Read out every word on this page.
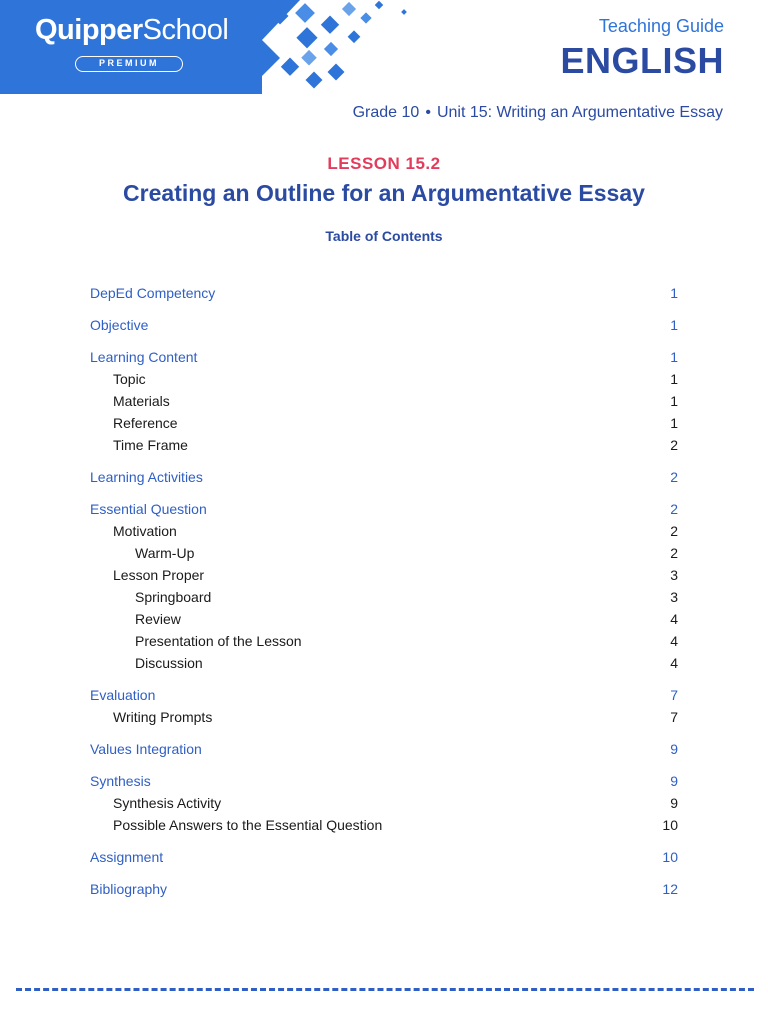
QuipperSchool
PREMIUM
Teaching Guide
ENGLISH
Grade 10 • Unit 15: Writing an Argumentative Essay
LESSON 15.2
Creating an Outline for an Argumentative Essay
Table of Contents
DepEd Competency	1
Objective	1
Learning Content	1
Topic	1
Materials	1
Reference	1
Time Frame	2
Learning Activities	2
Essential Question	2
Motivation	2
Warm-Up	2
Lesson Proper	3
Springboard	3
Review	4
Presentation of the Lesson	4
Discussion	4
Evaluation	7
Writing Prompts	7
Values Integration	9
Synthesis	9
Synthesis Activity	9
Possible Answers to the Essential Question	10
Assignment	10
Bibliography	12
